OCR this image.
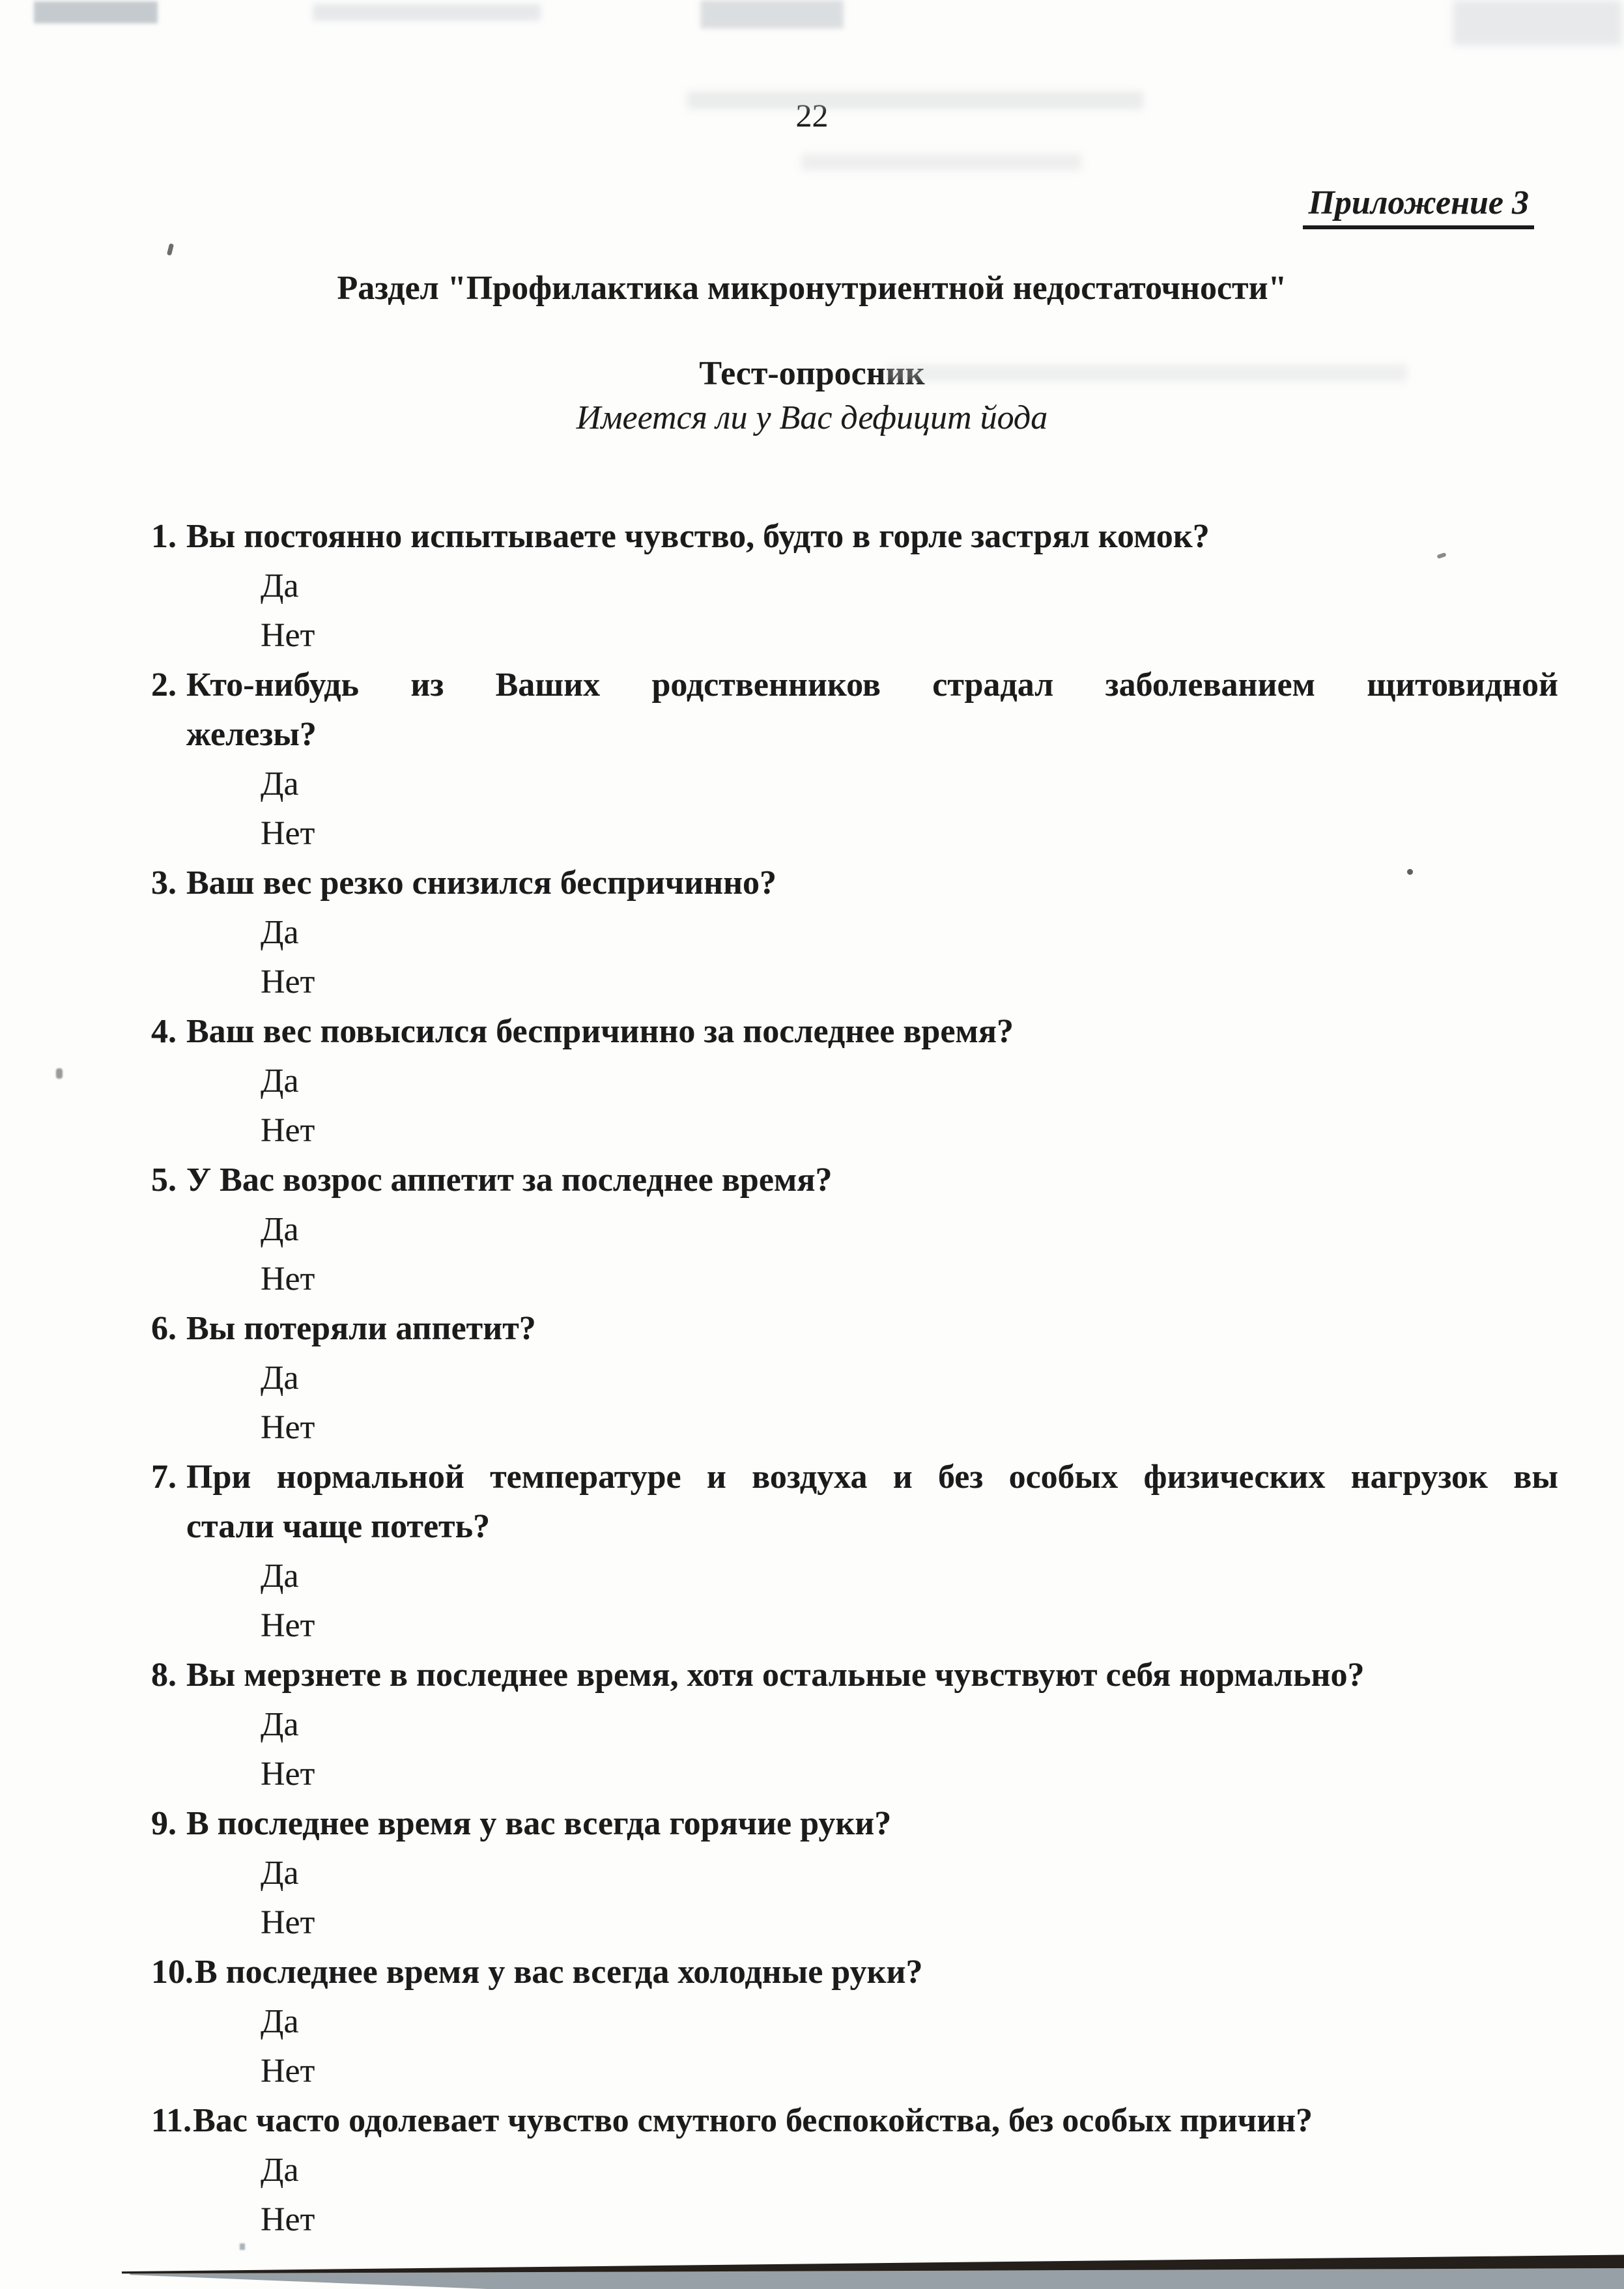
22
Приложение 3
Раздел "Профилактика микронутриентной недостаточности"
Тест-опросник
Имеется ли у Вас дефицит йода
1. Вы постоянно испытываете чувство, будто в горле застрял комок?
Да
Нет
2. Кто-нибудь из Ваших родственников страдал заболеванием щитовидной
железы?
Да
Нет
3. Ваш вес резко снизился беспричинно?
Да
Нет
4. Ваш вес повысился беспричинно за последнее время?
Да
Нет
5. У Вас возрос аппетит за последнее время?
Да
Нет
6. Вы потеряли аппетит?
Да
Нет
7. При нормальной температуре и воздуха и без особых физических нагрузок вы
стали чаще потеть?
Да
Нет
8. Вы мерзнете в последнее время, хотя остальные чувствуют себя нормально?
Да
Нет
9. В последнее время у вас всегда горячие руки?
Да
Нет
10.В последнее время у вас всегда холодные руки?
Да
Нет
11.Вас часто одолевает чувство смутного беспокойства, без особых причин?
Да
Нет
